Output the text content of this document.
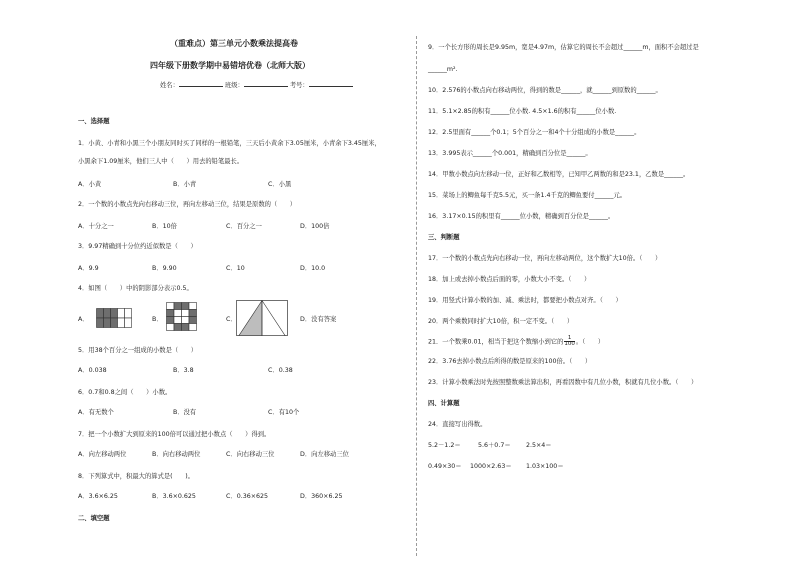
（重难点）第三单元小数乘法提高卷
四年级下册数学期中易错培优卷（北师大版）
姓名：	班级：	考号：
一、选择题
1．小黄、小青和小黑三个小朋友同时买了同样的一根铅笔，三天后小黄余下3.05厘米，小青余下3.45厘米，
小黑余下1.09厘米，他们三人中（　　）用去的铅笔最长。
A．小黄	B．小青	C．小黑
2．一个数的小数点先向右移动三位，再向左移动三位，结果是原数的（　　）
A．十分之一	B．10倍	C．百分之一	D．100倍
3．9.97精确到十分位约近似数是（　　）
A．9.9	B．9.90	C．10	D．10.0
4．如图（　　）中的阴影部分表示0.5。
A．	B．	C．	D．没有答案
5．用38个百分之一组成的小数是（　　）
A．0.038	B．3.8	C．0.38
6．0.7和0.8之间（　　）小数。
A．有无数个	B．没有	C．有10个
7．把一个小数扩大到原来的100倍可以通过把小数点（　　）得到。
A．向左移动两位	B．向右移动两位	C．向右移动三位	D．向左移动三位
8．下列算式中，积最大的算式是(　　)。
A．3.6×6.25	B．3.6×0.625	C．0.36×625	D．360×6.25
二、填空题
9．一个长方形的周长是9.95m，宽是4.97m，估算它的周长不会超过______m，面积不会超过是
______m².
10．2.576的小数点向右移动两位，得到的数是______，就______到原数的______。
11．5.1×2.85的积有______位小数. 4.5×1.6的积有______位小数.
12．2.5里面有______个0.1；5个百分之一和4个十分组成的小数是______。
13．3.995表示______个0.001，精确到百分位是______。
14．甲数小数点向左移动一位，正好和乙数相等，已知甲乙两数的和是23.1，乙数是______。
15．菜场上的鲫鱼每千克5.5元，买一条1.4千克的鲫鱼要付______元。
16．3.17×0.15的积里有______位小数，精确到百分位是______。
三、判断题
17．一个数的小数点先向右移动一位，再向左移动两位，这个数扩大10倍。（　　）
18．加上或去掉小数点后面的零，小数大小不变。（　　）
19．用竖式计算小数的加、减、乘法时，都要把小数点对齐。（　　）
20．两个乘数同时扩大10倍，积一定不变。（　　）
21．一个数乘0.01，相当于把这个数缩小到它的 $\frac{1}{100}$。（　　）
22．3.76去掉小数点后所得的数是原来的100倍。（　　）
23．计算小数乘法时先按照整数乘法算出积，再看因数中有几位小数，积就有几位小数。（　　）
四、计算题
24．直接写出得数。
5.2－1.2＝	5.6＋0.7＝ 2.5×4＝
0.49×30＝ 1000×2.63＝ 1.03×100＝
